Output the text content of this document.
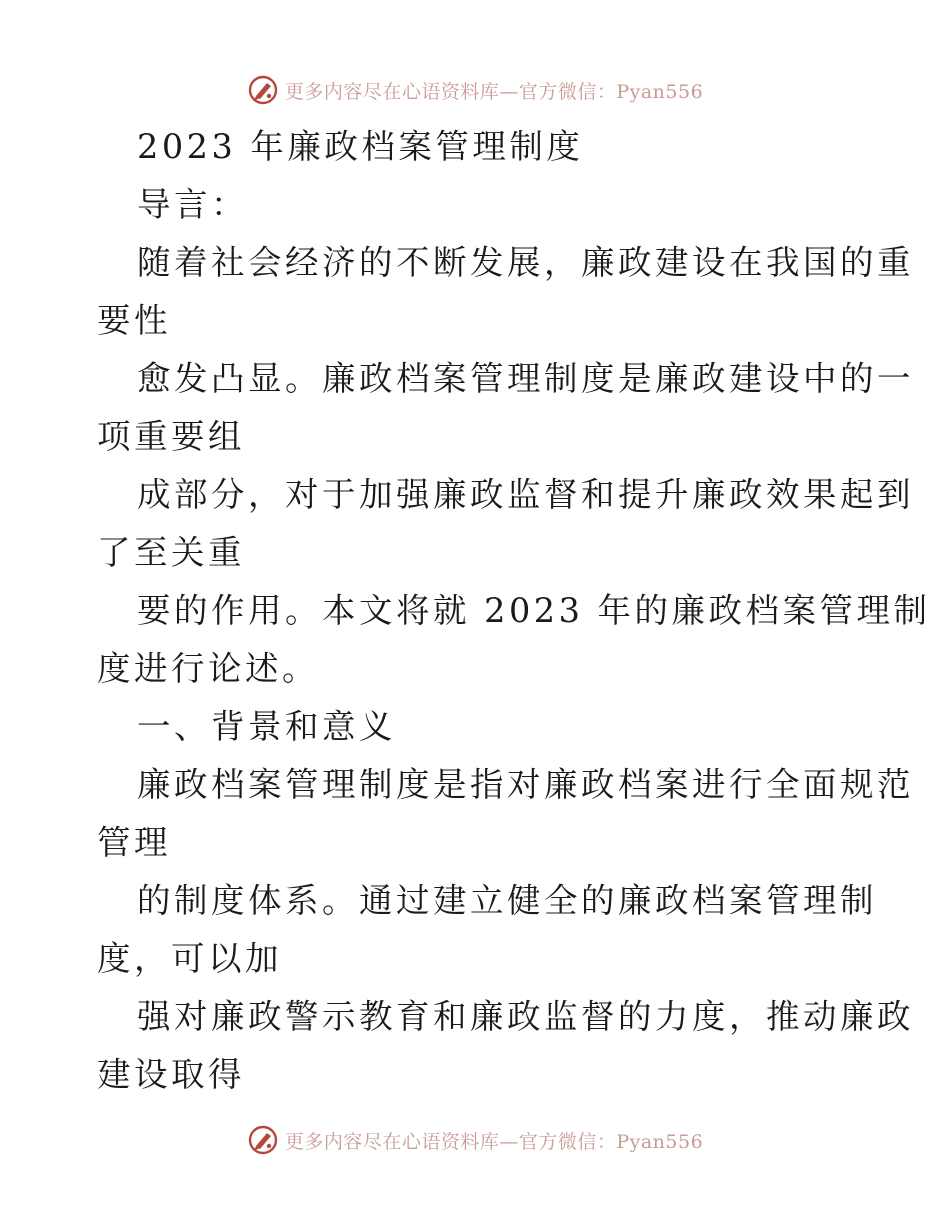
更多内容尽在心语资料库—官方微信：Pyan556
2023 年廉政档案管理制度
导言：
随着社会经济的不断发展，廉政建设在我国的重
要性
愈发凸显。廉政档案管理制度是廉政建设中的一
项重要组
成部分，对于加强廉政监督和提升廉政效果起到
了至关重
要的作用。本文将就 2023 年的廉政档案管理制
度进行论述。
一、背景和意义
廉政档案管理制度是指对廉政档案进行全面规范
管理
的制度体系。通过建立健全的廉政档案管理制
度，可以加
强对廉政警示教育和廉政监督的力度，推动廉政
建设取得
更多内容尽在心语资料库—官方微信：Pyan556
